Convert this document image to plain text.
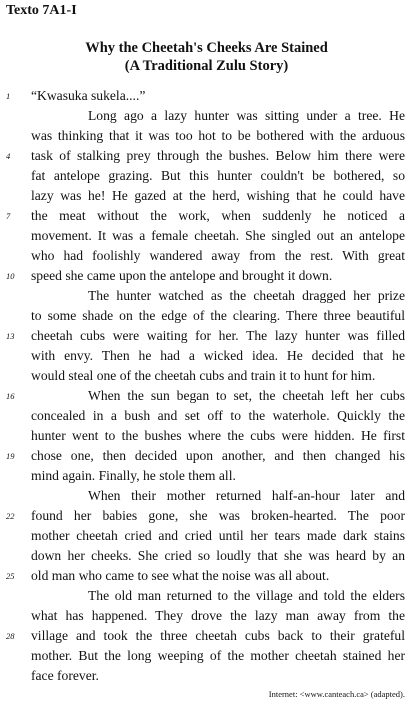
Texto 7A1-I
Why the Cheetah's Cheeks Are Stained
(A Traditional Zulu Story)
1
4
7
10
13
16
19
22
25
28
“Kwasuka sukela....”
Long ago a lazy hunter was sitting under a tree. He
was thinking that it was too hot to be bothered with the arduous
task of stalking prey through the bushes. Below him there were
fat antelope grazing. But this hunter couldn't be bothered, so
lazy was he! He gazed at the herd, wishing that he could have
the meat without the work, when suddenly he noticed a
movement. It was a female cheetah. She singled out an antelope
who had foolishly wandered away from the rest. With great
speed she came upon the antelope and brought it down.
The hunter watched as the cheetah dragged her prize
to some shade on the edge of the clearing. There three beautiful
cheetah cubs were waiting for her. The lazy hunter was filled
with envy. Then he had a wicked idea. He decided that he
would steal one of the cheetah cubs and train it to hunt for him.
When the sun began to set, the cheetah left her cubs
concealed in a bush and set off to the waterhole. Quickly the
hunter went to the bushes where the cubs were hidden. He first
chose one, then decided upon another, and then changed his
mind again. Finally, he stole them all.
When their mother returned half-an-hour later and
found her babies gone, she was broken-hearted. The poor
mother cheetah cried and cried until her tears made dark stains
down her cheeks. She cried so loudly that she was heard by an
old man who came to see what the noise was all about.
The old man returned to the village and told the elders
what has happened. They drove the lazy man away from the
village and took the three cheetah cubs back to their grateful
mother. But the long weeping of the mother cheetah stained her
face forever.
Internet: <www.canteach.ca> (adapted).
